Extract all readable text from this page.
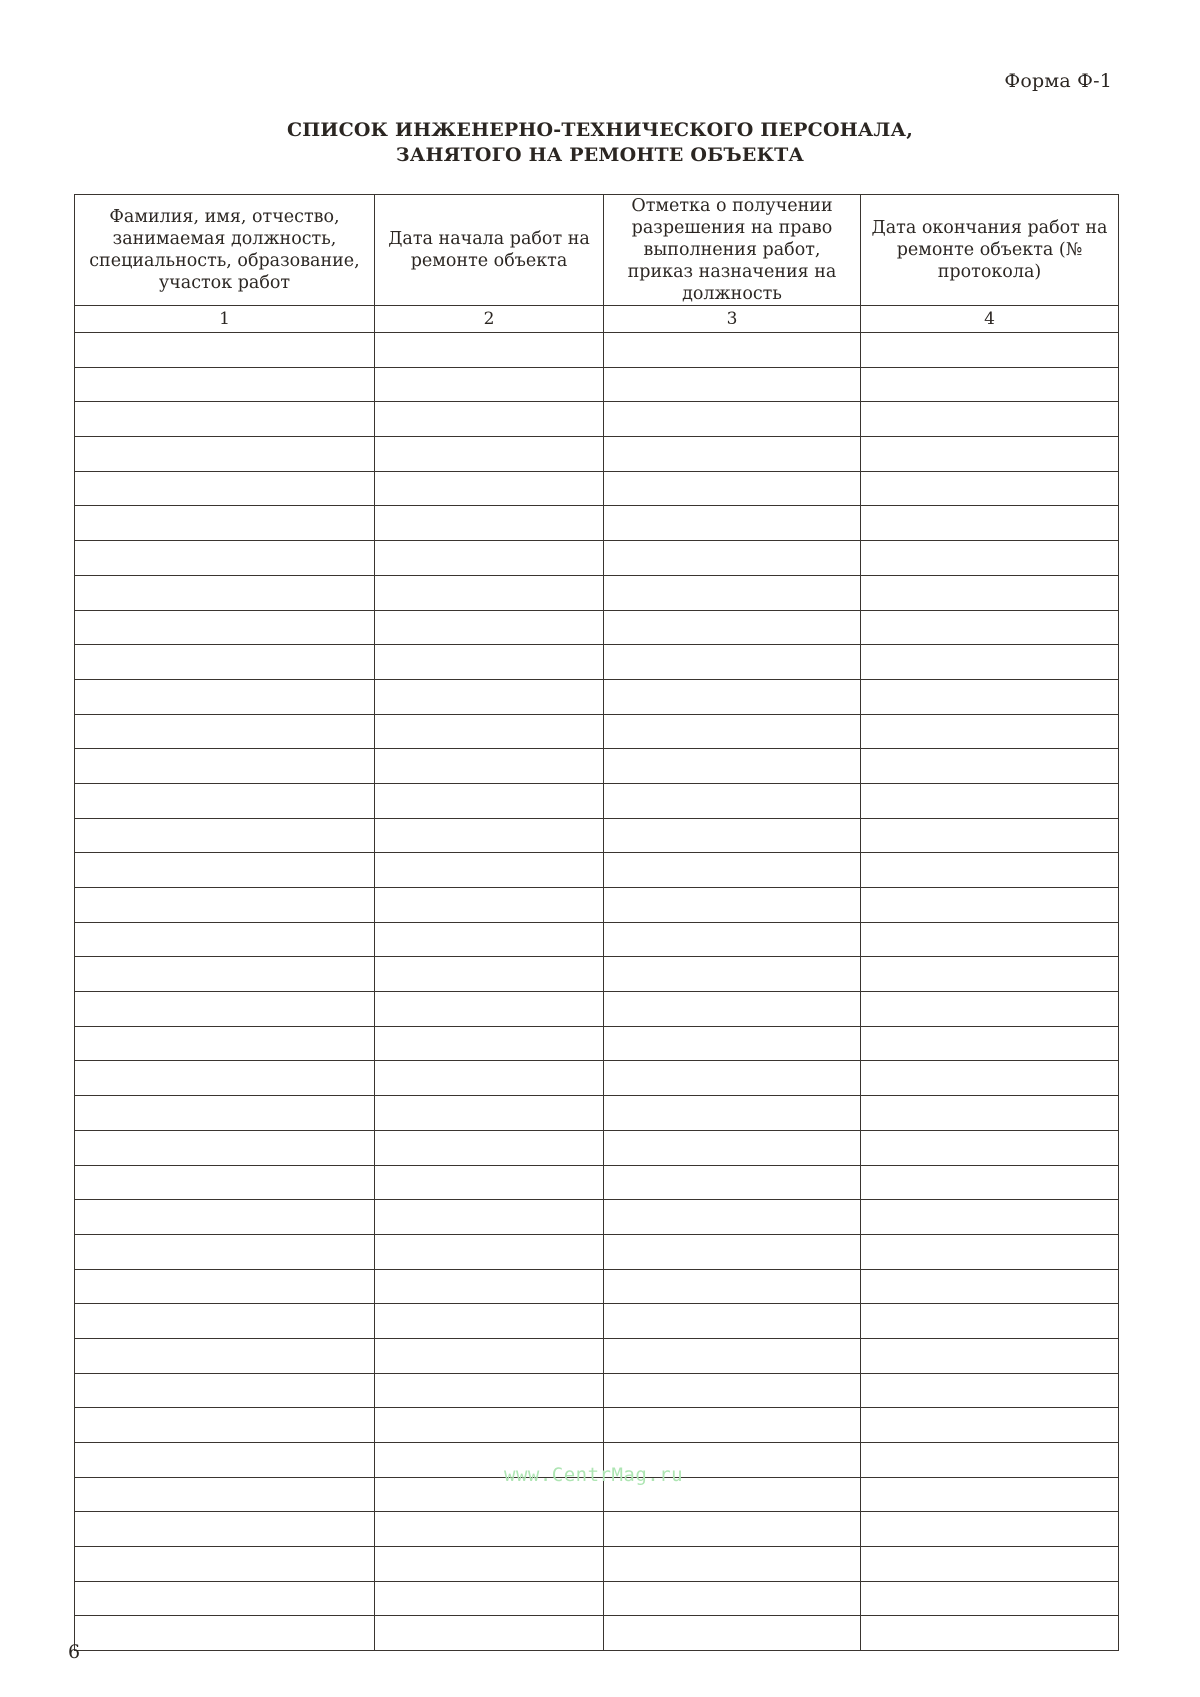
Форма Ф-1
СПИСОК ИНЖЕНЕРНО-ТЕХНИЧЕСКОГО ПЕРСОНАЛА,
ЗАНЯТОГО НА РЕМОНТЕ ОБЪЕКТА
Фамилия, имя, отчество, занимаемая должность, специальность, образование, участок работ	Дата начала работ на ремонте объекта	Отметка о получении разрешения на право выполнения работ, приказ назначения на должность	Дата окончания работ на ремонте объекта (№ протокола)
1	2	3	4

www.CentrMag.ru
6
